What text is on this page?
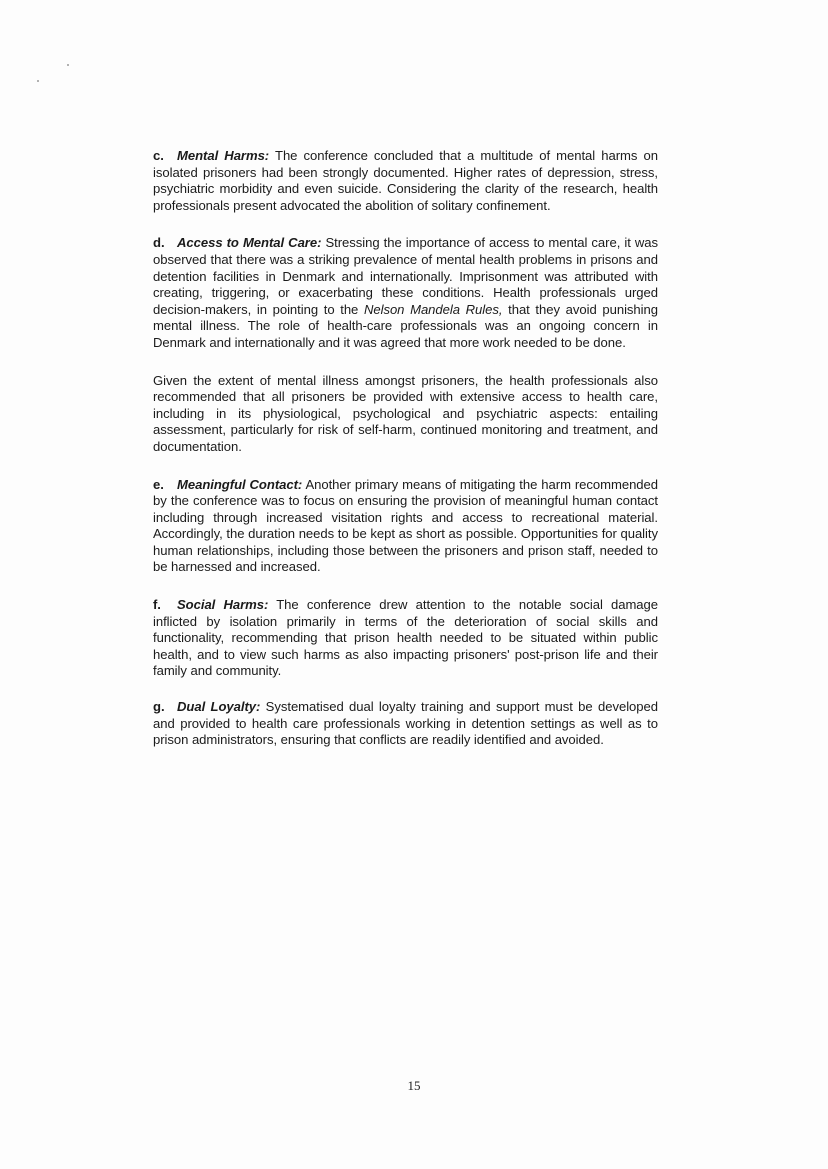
c. Mental Harms: The conference concluded that a multitude of mental harms on isolated prisoners had been strongly documented. Higher rates of depression, stress, psychiatric morbidity and even suicide. Considering the clarity of the research, health professionals present advocated the abolition of solitary confinement.

d. Access to Mental Care: Stressing the importance of access to mental care, it was observed that there was a striking prevalence of mental health problems in prisons and detention facilities in Denmark and internationally. Imprisonment was attributed with creating, triggering, or exacerbating these conditions. Health professionals urged decision-makers, in pointing to the Nelson Mandela Rules, that they avoid punishing mental illness. The role of health-care professionals was an ongoing concern in Denmark and internationally and it was agreed that more work needed to be done.

Given the extent of mental illness amongst prisoners, the health professionals also recommended that all prisoners be provided with extensive access to health care, including in its physiological, psychological and psychiatric aspects: entailing assessment, particularly for risk of self-harm, continued monitoring and treatment, and documentation.

e. Meaningful Contact: Another primary means of mitigating the harm recommended by the conference was to focus on ensuring the provision of meaningful human contact including through increased visitation rights and access to recreational material. Accordingly, the duration needs to be kept as short as possible. Opportunities for quality human relationships, including those between the prisoners and prison staff, needed to be harnessed and increased.

f. Social Harms: The conference drew attention to the notable social damage inflicted by isolation primarily in terms of the deterioration of social skills and functionality, recommending that prison health needed to be situated within public health, and to view such harms as also impacting prisoners' post-prison life and their family and community.

g. Dual Loyalty: Systematised dual loyalty training and support must be developed and provided to health care professionals working in detention settings as well as to prison administrators, ensuring that conflicts are readily identified and avoided.

15
